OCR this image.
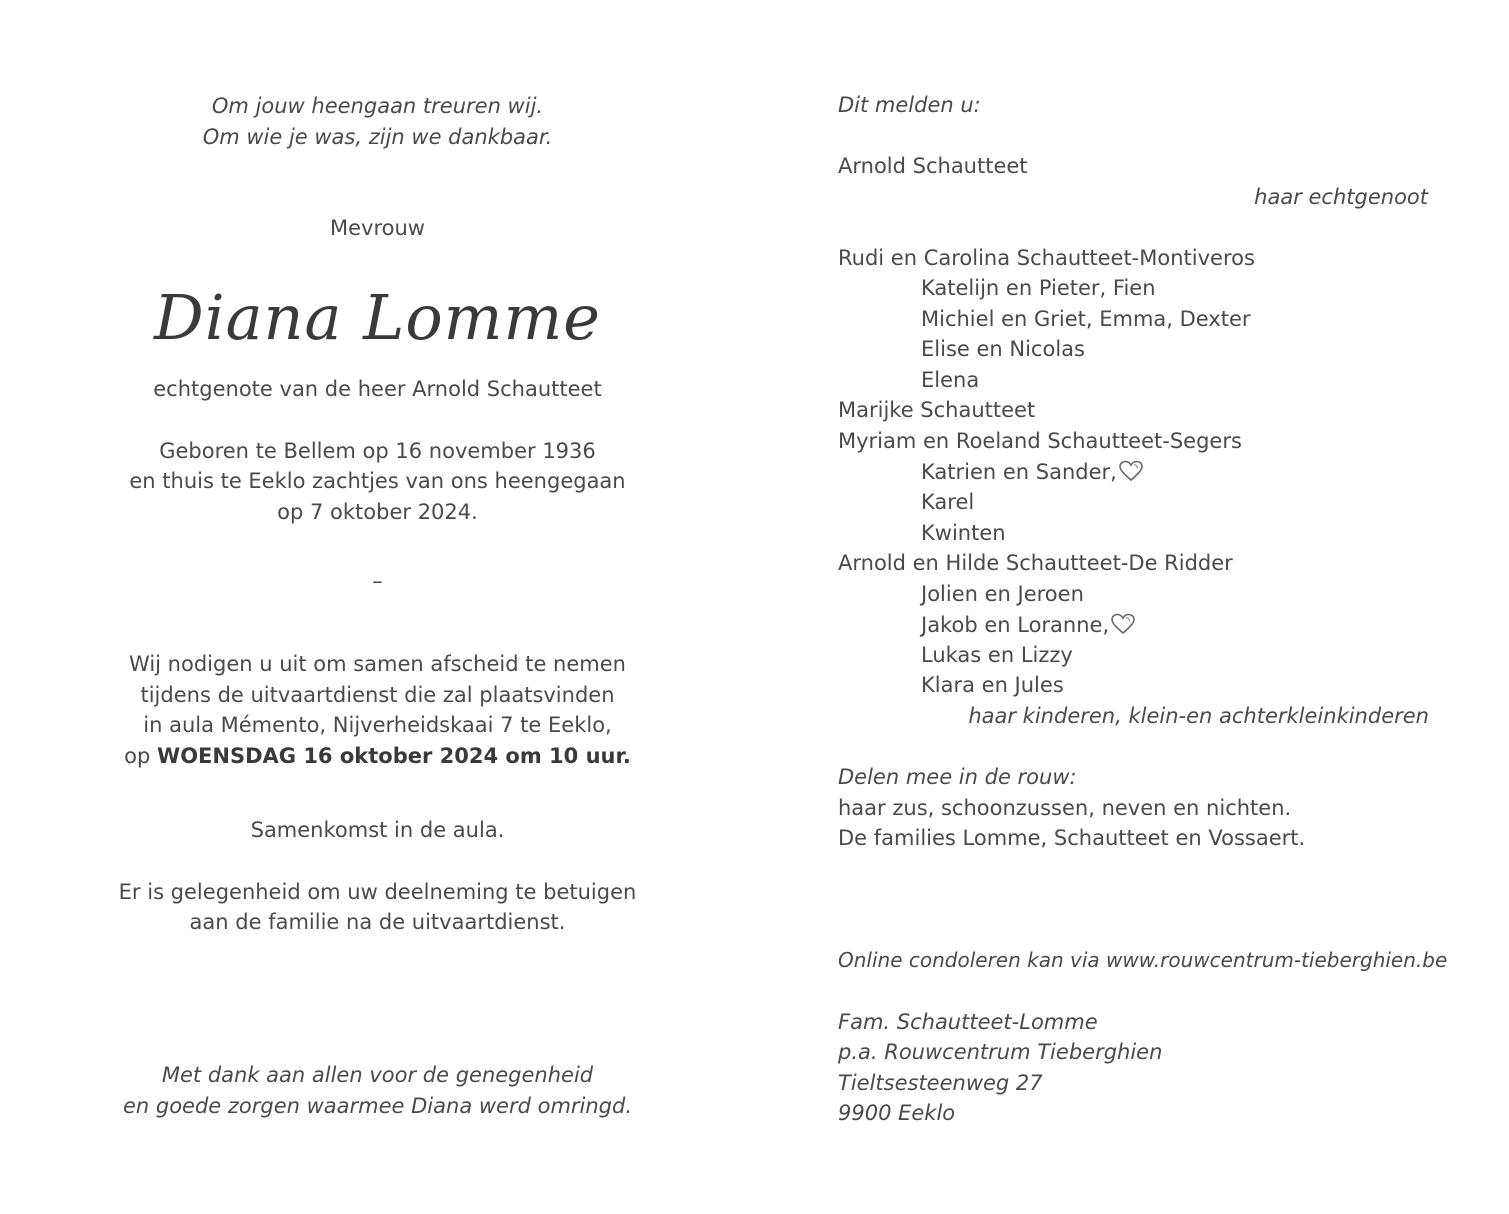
Om jouw heengaan treuren wij.
Om wie je was, zijn we dankbaar.
Mevrouw
Diana Lomme
echtgenote van de heer Arnold Schautteet
Geboren te Bellem op 16 november 1936
en thuis te Eeklo zachtjes van ons heengegaan
op 7 oktober 2024.
–
Wij nodigen u uit om samen afscheid te nemen
tijdens de uitvaartdienst die zal plaatsvinden
in aula Mémento, Nijverheidskaai 7 te Eeklo,
op WOENSDAG 16 oktober 2024 om 10 uur.
Samenkomst in de aula.
Er is gelegenheid om uw deelneming te betuigen
aan de familie na de uitvaartdienst.
Met dank aan allen voor de genegenheid
en goede zorgen waarmee Diana werd omringd.
Dit melden u:
Arnold Schautteet
haar echtgenoot
Rudi en Carolina Schautteet-Montiveros
Katelijn en Pieter, Fien
Michiel en Griet, Emma, Dexter
Elise en Nicolas
Elena
Marijke Schautteet
Myriam en Roeland Schautteet-Segers
Katrien en Sander,
Karel
Kwinten
Arnold en Hilde Schautteet-De Ridder
Jolien en Jeroen
Jakob en Loranne,
Lukas en Lizzy
Klara en Jules
haar kinderen, klein-en achterkleinkinderen
Delen mee in de rouw:
haar zus, schoonzussen, neven en nichten.
De families Lomme, Schautteet en Vossaert.
Online condoleren kan via www.rouwcentrum-tieberghien.be
Fam. Schautteet-Lomme
p.a. Rouwcentrum Tieberghien
Tieltsesteenweg 27
9900 Eeklo
